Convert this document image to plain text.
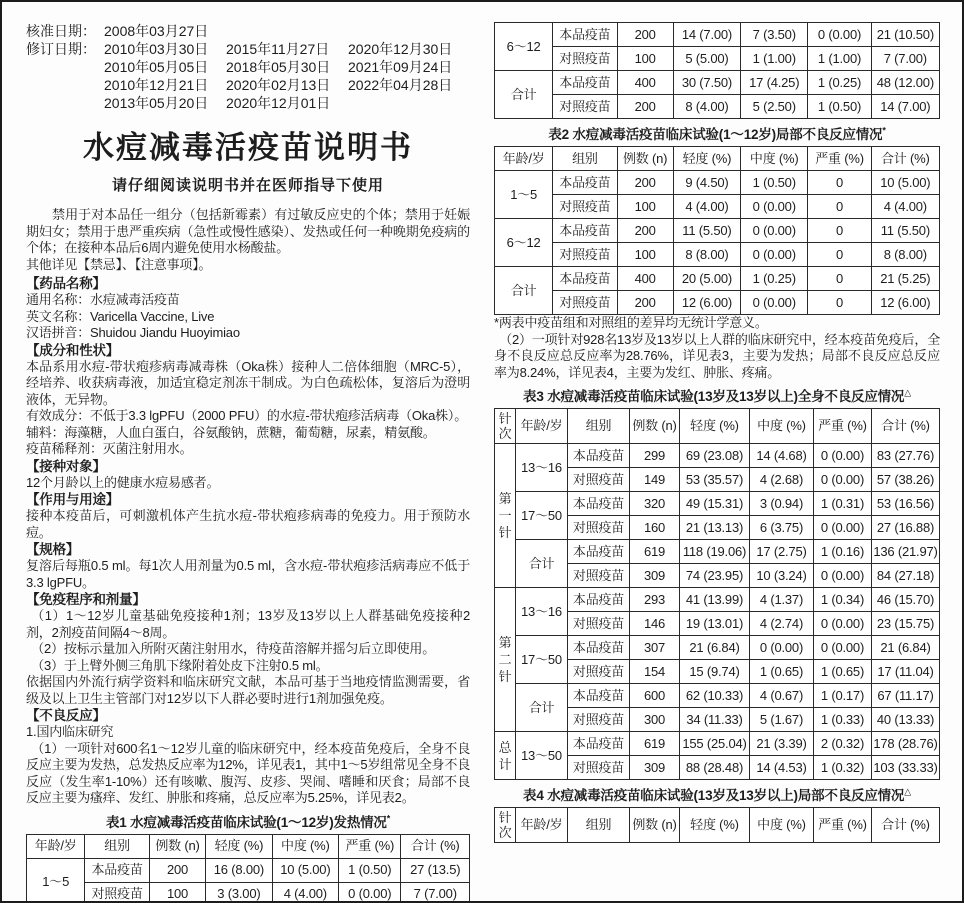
核准日期： 2008年03月27日
修订日期： 2010年03月30日	2015年11月27日	2020年12月30日
2010年05月05日	2018年05月30日	2021年09月24日
2010年12月21日	2020年02月13日	2022年04月28日
2013年05月20日	2020年12月01日
水痘减毒活疫苗说明书
请仔细阅读说明书并在医师指导下使用
禁用于对本品任一组分（包括新霉素）有过敏反应史的个体；禁用于妊娠期妇女；禁用于患严重疾病（急性或慢性感染）、发热或任何一种晚期免疫病的个体；在接种本品后6周内避免使用水杨酸盐。
其他详见【禁忌】、【注意事项】。
【药品名称】
通用名称：水痘减毒活疫苗
英文名称：Varicella Vaccine, Live
汉语拼音：Shuidou Jiandu Huoyimiao
【成分和性状】
本品系用水痘-带状疱疹病毒减毒株（Oka株）接种人二倍体细胞（MRC-5），经培养、收获病毒液，加适宜稳定剂冻干制成。为白色疏松体，复溶后为澄明液体，无异物。
有效成分：不低于3.3 lgPFU（2000 PFU）的水痘-带状疱疹活病毒（Oka株）。
辅料：海藻糖，人血白蛋白，谷氨酸钠，蔗糖，葡萄糖，尿素，精氨酸。
疫苗稀释剂：灭菌注射用水。
【接种对象】
12个月龄以上的健康水痘易感者。
【作用与用途】
接种本疫苗后，可刺激机体产生抗水痘-带状疱疹病毒的免疫力。用于预防水痘。
【规格】
复溶后每瓶0.5 ml。每1次人用剂量为0.5 ml，含水痘-带状疱疹活病毒应不低于3.3 lgPFU。
【免疫程序和剂量】
（1）1～12岁儿童基础免疫接种1剂；13岁及13岁以上人群基础免疫接种2剂，2剂疫苗间隔4～8周。
（2）按标示量加入所附灭菌注射用水，待疫苗溶解并摇匀后立即使用。
（3）于上臂外侧三角肌下缘附着处皮下注射0.5 ml。
依据国内外流行病学资料和临床研究文献，本品可基于当地疫情监测需要，省级及以上卫生主管部门对12岁以下人群必要时进行1剂加强免疫。
【不良反应】
1.国内临床研究
（1）一项针对600名1～12岁儿童的临床研究中，经本疫苗免疫后，全身不良反应主要为发热，总发热反应率为12%，详见表1，其中1～5岁组常见全身不良反应（发生率1-10%）还有咳嗽、腹泻、皮疹、哭闹、嗜睡和厌食；局部不良反应主要为瘙痒、发红、肿胀和疼痛，总反应率为5.25%，详见表2。
表1 水痘减毒活疫苗临床试验(1～12岁)发热情况*
年龄/岁	组别	例数 (n)	轻度 (%)	中度 (%)	严重 (%)	合计 (%)
1～5	本品疫苗	200	16 (8.00)	10 (5.00)	1 (0.50)	27 (13.5)
	对照疫苗	100	3 (3.00)	4 (4.00)	0 (0.00)	7 (7.00)
6～12	本品疫苗	200	14 (7.00)	7 (3.50)	0 (0.00)	21 (10.50)
	对照疫苗	100	5 (5.00)	1 (1.00)	1 (1.00)	7 (7.00)
合计	本品疫苗	400	30 (7.50)	17 (4.25)	1 (0.25)	48 (12.00)
	对照疫苗	200	8 (4.00)	5 (2.50)	1 (0.50)	14 (7.00)
表2 水痘减毒活疫苗临床试验(1～12岁)局部不良反应情况*
年龄/岁	组别	例数 (n)	轻度 (%)	中度 (%)	严重 (%)	合计 (%)
1～5	本品疫苗	200	9 (4.50)	1 (0.50)	0	10 (5.00)
	对照疫苗	100	4 (4.00)	0 (0.00)	0	4 (4.00)
6～12	本品疫苗	200	11 (5.50)	0 (0.00)	0	11 (5.50)
	对照疫苗	100	8 (8.00)	0 (0.00)	0	8 (8.00)
合计	本品疫苗	400	20 (5.00)	1 (0.25)	0	21 (5.25)
	对照疫苗	200	12 (6.00)	0 (0.00)	0	12 (6.00)
*两表中疫苗组和对照组的差异均无统计学意义。
（2）一项针对928名13岁及13岁以上人群的临床研究中，经本疫苗免疫后，全身不良反应总反应率为28.76%，详见表3，主要为发热；局部不良反应总反应率为8.24%，详见表4，主要为发红、肿胀、疼痛。
表3 水痘减毒活疫苗临床试验(13岁及13岁以上)全身不良反应情况△
针次	年龄/岁	组别	例数 (n)	轻度 (%)	中度 (%)	严重 (%)	合计 (%)
第一针	13～16	本品疫苗	299	69 (23.08)	14 (4.68)	0 (0.00)	83 (27.76)
		对照疫苗	149	53 (35.57)	4 (2.68)	0 (0.00)	57 (38.26)
	17～50	本品疫苗	320	49 (15.31)	3 (0.94)	1 (0.31)	53 (16.56)
		对照疫苗	160	21 (13.13)	6 (3.75)	0 (0.00)	27 (16.88)
	合计	本品疫苗	619	118 (19.06)	17 (2.75)	1 (0.16)	136 (21.97)
		对照疫苗	309	74 (23.95)	10 (3.24)	0 (0.00)	84 (27.18)
第二针	13～16	本品疫苗	293	41 (13.99)	4 (1.37)	1 (0.34)	46 (15.70)
		对照疫苗	146	19 (13.01)	4 (2.74)	0 (0.00)	23 (15.75)
	17～50	本品疫苗	307	21 (6.84)	0 (0.00)	0 (0.00)	21 (6.84)
		对照疫苗	154	15 (9.74)	1 (0.65)	1 (0.65)	17 (11.04)
	合计	本品疫苗	600	62 (10.33)	4 (0.67)	1 (0.17)	67 (11.17)
		对照疫苗	300	34 (11.33)	5 (1.67)	1 (0.33)	40 (13.33)
总计	13～50	本品疫苗	619	155 (25.04)	21 (3.39)	2 (0.32)	178 (28.76)
		对照疫苗	309	88 (28.48)	14 (4.53)	1 (0.32)	103 (33.33)
表4 水痘减毒活疫苗临床试验(13岁及13岁以上)局部不良反应情况△
针次	年龄/岁	组别	例数 (n)	轻度 (%)	中度 (%)	严重 (%)	合计 (%)
